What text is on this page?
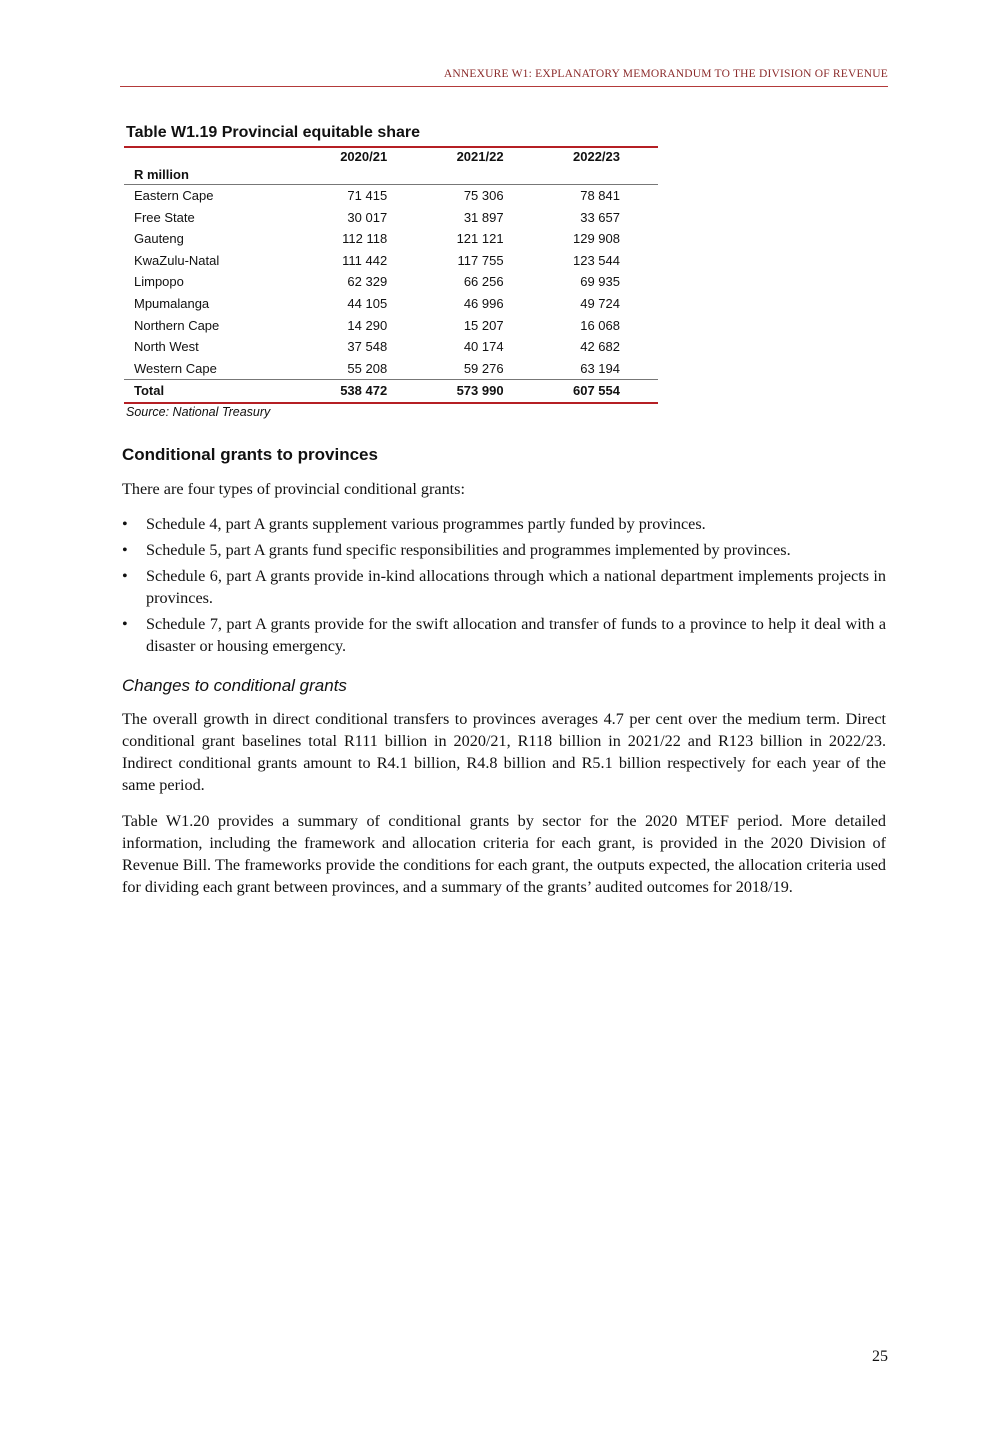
ANNEXURE W1: EXPLANATORY MEMORANDUM TO THE DIVISION OF REVENUE
Table W1.19 Provincial equitable share
	2020/21	2021/22	2022/23
R million			
Eastern Cape	71 415	75 306	78 841
Free State	30 017	31 897	33 657
Gauteng	112 118	121 121	129 908
KwaZulu-Natal	111 442	117 755	123 544
Limpopo	62 329	66 256	69 935
Mpumalanga	44 105	46 996	49 724
Northern Cape	14 290	15 207	16 068
North West	37 548	40 174	42 682
Western Cape	55 208	59 276	63 194
Total	538 472	573 990	607 554
Source: National Treasury
Conditional grants to provinces
There are four types of provincial conditional grants:
•	Schedule 4, part A grants supplement various programmes partly funded by provinces.
•	Schedule 5, part A grants fund specific responsibilities and programmes implemented by provinces.
•	Schedule 6, part A grants provide in-kind allocations through which a national department implements projects in provinces.
•	Schedule 7, part A grants provide for the swift allocation and transfer of funds to a province to help it deal with a disaster or housing emergency.
Changes to conditional grants
The overall growth in direct conditional transfers to provinces averages 4.7 per cent over the medium term. Direct conditional grant baselines total R111 billion in 2020/21, R118 billion in 2021/22 and R123 billion in 2022/23. Indirect conditional grants amount to R4.1 billion, R4.8 billion and R5.1 billion respectively for each year of the same period.
Table W1.20 provides a summary of conditional grants by sector for the 2020 MTEF period. More detailed information, including the framework and allocation criteria for each grant, is provided in the 2020 Division of Revenue Bill. The frameworks provide the conditions for each grant, the outputs expected, the allocation criteria used for dividing each grant between provinces, and a summary of the grants’ audited outcomes for 2018/19.
25
